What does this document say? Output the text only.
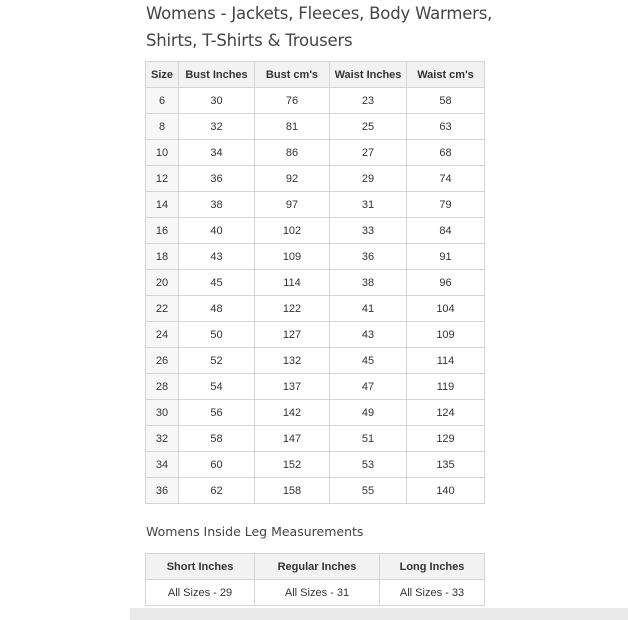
Womens - Jackets, Fleeces, Body Warmers,
Shirts, T-Shirts & Trousers
Size	Bust Inches	Bust cm's	Waist Inches	Waist cm's
6	30	76	23	58
8	32	81	25	63
10	34	86	27	68
12	36	92	29	74
14	38	97	31	79
16	40	102	33	84
18	43	109	36	91
20	45	114	38	96
22	48	122	41	104
24	50	127	43	109
26	52	132	45	114
28	54	137	47	119
30	56	142	49	124
32	58	147	51	129
34	60	152	53	135
36	62	158	55	140

Womens Inside Leg Measurements

Short Inches	Regular Inches	Long Inches
All Sizes - 29	All Sizes - 31	All Sizes - 33
